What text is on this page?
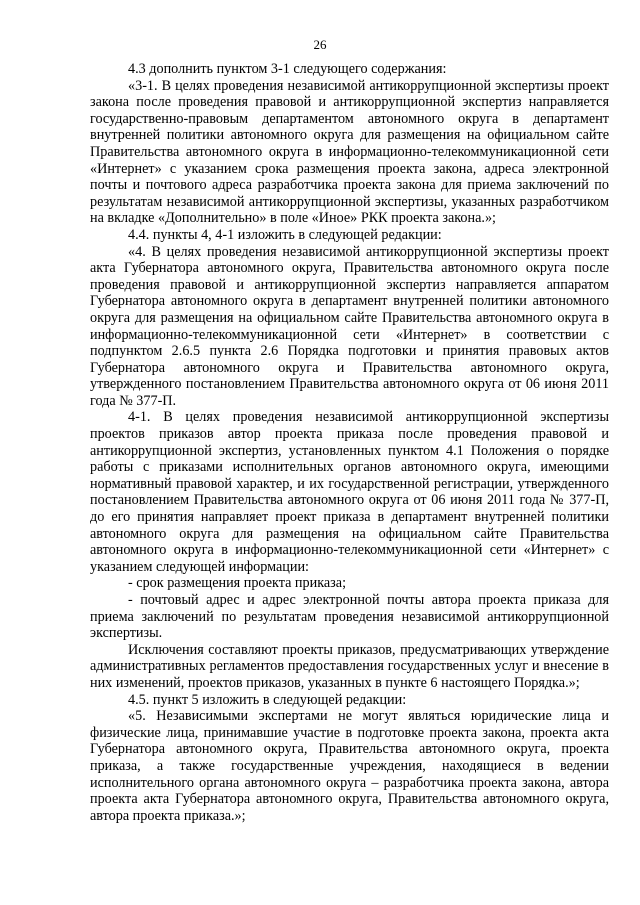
26

4.3 дополнить пунктом 3-1 следующего содержания:

«3-1. В целях проведения независимой антикоррупционной экспертизы проект закона после проведения правовой и антикоррупционной экспертиз направляется государственно-правовым департаментом автономного округа в департамент внутренней политики автономного округа для размещения на официальном сайте Правительства автономного округа в информационно-телекоммуникационной сети «Интернет» с указанием срока размещения проекта закона, адреса электронной почты и почтового адреса разработчика проекта закона для приема заключений по результатам независимой антикоррупционной экспертизы, указанных разработчиком на вкладке «Дополнительно» в поле «Иное» РКК проекта закона.»;

4.4. пункты 4, 4-1 изложить в следующей редакции:

«4. В целях проведения независимой антикоррупционной экспертизы проект акта Губернатора автономного округа, Правительства автономного округа после проведения правовой и антикоррупционной экспертиз направляется аппаратом Губернатора автономного округа в департамент внутренней политики автономного округа для размещения на официальном сайте Правительства автономного округа в информационно-телекоммуникационной сети «Интернет» в соответствии с подпунктом 2.6.5 пункта 2.6 Порядка подготовки и принятия правовых актов Губернатора автономного округа и Правительства автономного округа, утвержденного постановлением Правительства автономного округа от 06 июня 2011 года № 377-П.

4-1. В целях проведения независимой антикоррупционной экспертизы проектов приказов автор проекта приказа после проведения правовой и антикоррупционной экспертиз, установленных пунктом 4.1 Положения о порядке работы с приказами исполнительных органов автономного округа, имеющими нормативный правовой характер, и их государственной регистрации, утвержденного постановлением Правительства автономного округа от 06 июня 2011 года № 377-П, до его принятия направляет проект приказа в департамент внутренней политики автономного округа для размещения на официальном сайте Правительства автономного округа в информационно-телекоммуникационной сети «Интернет» с указанием следующей информации:

- срок размещения проекта приказа;

- почтовый адрес и адрес электронной почты автора проекта приказа для приема заключений по результатам проведения независимой антикоррупционной экспертизы.

Исключения составляют проекты приказов, предусматривающих утверждение административных регламентов предоставления государственных услуг и внесение в них изменений, проектов приказов, указанных в пункте 6 настоящего Порядка.»;

4.5. пункт 5 изложить в следующей редакции:

«5. Независимыми экспертами не могут являться юридические лица и физические лица, принимавшие участие в подготовке проекта закона, проекта акта Губернатора автономного округа, Правительства автономного округа, проекта приказа, а также государственные учреждения, находящиеся в ведении исполнительного органа автономного округа – разработчика проекта закона, автора проекта акта Губернатора автономного округа, Правительства автономного округа, автора проекта приказа.»;
